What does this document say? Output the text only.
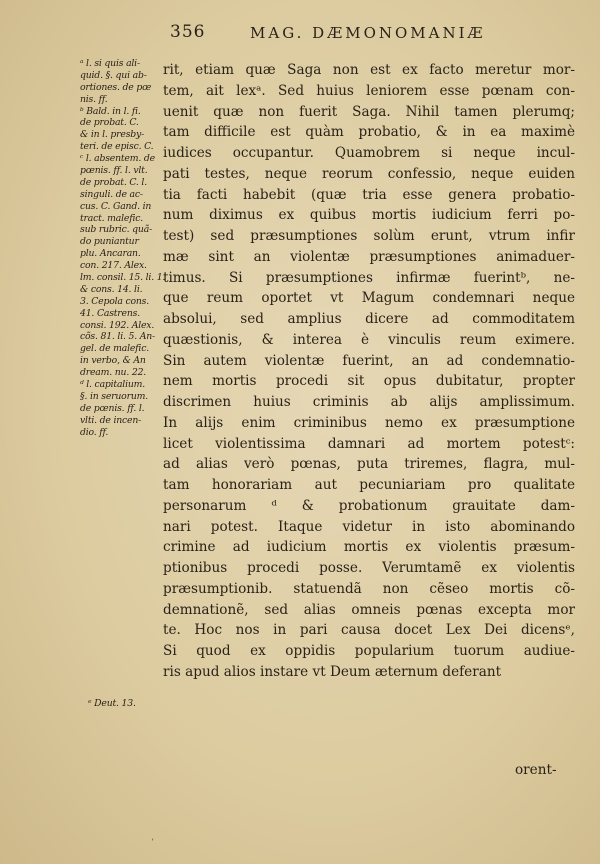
356	MAG. DÆMONOMANIÆ
ᵃ l. si quis ali-
quid. §. qui ab-
ortiones. de pœ
nis. ff.
ᵇ Bald. in l. fi.
de probat. C.
& in l. presby-
teri. de episc. C.
ᶜ l. absentem. de
pœnis. ff. l. vlt.
de probat. C. l.
singuli. de ac-
cus. C. Gand. in
tract. malefic.
sub rubric. quã-
do puniantur
plu. Ancaran.
con. 217. Alex.
lm. consil. 15. li. 1.
& cons. 14. li.
3. Cepola cons.
41. Castrens.
consi. 192. Alex.
cõs. 81. li. 5. An-
gel. de malefic.
in verbo, & An
dream. nu. 22.
ᵈ l. capitalium.
§. in seruorum.
de pœnis. ff. l.
vlti. de incen-
dio. ff.
ᵉ Deut. 13.
rit, etiam quæ Saga non est ex facto meretur mor-
tem, ait lexᵃ. Sed huius leniorem esse pœnam con-
uenit quæ non fuerit Saga. Nihil tamen plerumq;
tam difficile est quàm probatio, & in ea maximè
iudices occupantur. Quamobrem si neque incul-
pati testes, neque reorum confessio, neque euiden
tia facti habebit (quæ tria esse genera probatio-
num diximus ex quibus mortis iudicium ferri po-
test) sed præsumptiones solùm erunt, vtrum infir
mæ sint an violentæ præsumptiones animaduer-
timus. Si præsumptiones infirmæ fuerintᵇ, ne-
que reum oportet vt Magum condemnari neque
absolui, sed amplius dicere ad commoditatem
quæstionis, & interea è vinculis reum eximere.
Sin autem violentæ fuerint, an ad condemnatio-
nem mortis procedi sit opus dubitatur, propter
discrimen huius criminis ab alijs amplissimum.
In alijs enim criminibus nemo ex præsumptione
licet violentissima damnari ad mortem potestᶜ:
ad alias verò pœnas, puta triremes, flagra, mul-
tam honorariam aut pecuniariam pro qualitate
personarum ᵈ & probationum grauitate dam-
nari potest. Itaque videtur in isto abominando
crimine ad iudicium mortis ex violentis præsum-
ptionibus procedi posse. Verumtamẽ ex violentis
præsumptionib. statuendã non cẽseo mortis cõ-
demnationẽ, sed alias omneis pœnas excepta mor
te. Hoc nos in pari causa docet Lex Dei dicensᵉ,
Si quod ex oppidis popularium tuorum audiue-
ris apud alios instare vt Deum æternum deferant
orent-
ʻ
